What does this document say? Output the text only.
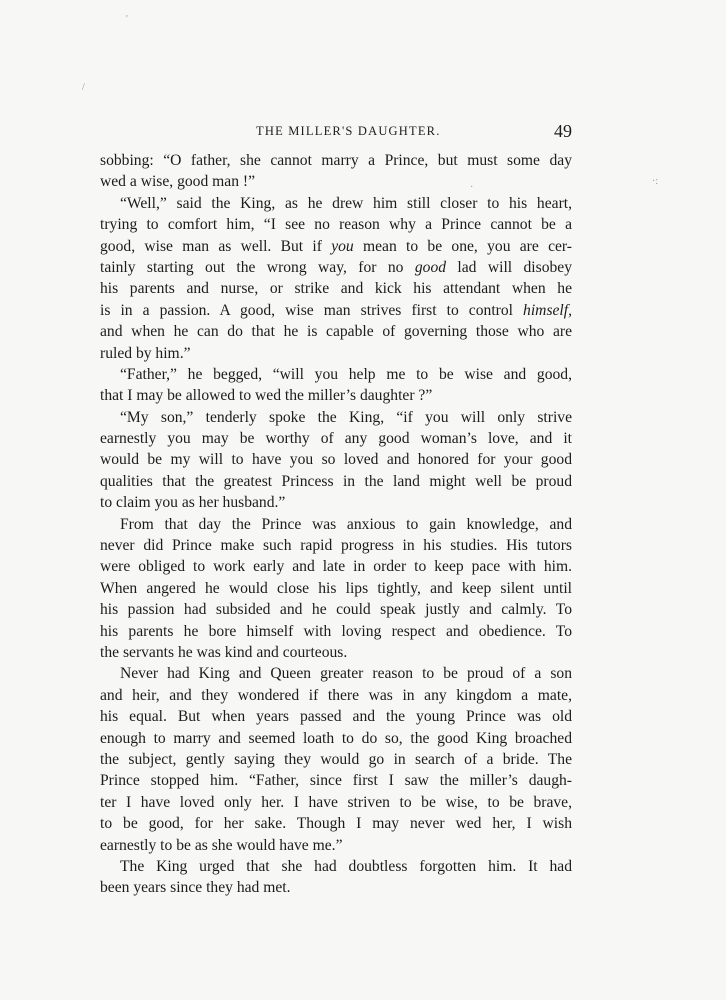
'
/
·:
·
THE MILLER'S DAUGHTER.	49
sobbing: “O father, she cannot marry a Prince, but must some day
wed a wise, good man !”
“Well,” said the King, as he drew him still closer to his heart,
trying to comfort him, “I see no reason why a Prince cannot be a
good, wise man as well. But if you mean to be one, you are cer-
tainly starting out the wrong way, for no good lad will disobey
his parents and nurse, or strike and kick his attendant when he
is in a passion. A good, wise man strives first to control himself,
and when he can do that he is capable of governing those who are
ruled by him.”
“Father,” he begged, “will you help me to be wise and good,
that I may be allowed to wed the miller’s daughter ?”
“My son,” tenderly spoke the King, “if you will only strive
earnestly you may be worthy of any good woman’s love, and it
would be my will to have you so loved and honored for your good
qualities that the greatest Princess in the land might well be proud
to claim you as her husband.”
From that day the Prince was anxious to gain knowledge, and
never did Prince make such rapid progress in his studies. His tutors
were obliged to work early and late in order to keep pace with him.
When angered he would close his lips tightly, and keep silent until
his passion had subsided and he could speak justly and calmly. To
his parents he bore himself with loving respect and obedience. To
the servants he was kind and courteous.
Never had King and Queen greater reason to be proud of a son
and heir, and they wondered if there was in any kingdom a mate,
his equal. But when years passed and the young Prince was old
enough to marry and seemed loath to do so, the good King broached
the subject, gently saying they would go in search of a bride. The
Prince stopped him. “Father, since first I saw the miller’s daugh-
ter I have loved only her. I have striven to be wise, to be brave,
to be good, for her sake. Though I may never wed her, I wish
earnestly to be as she would have me.”
The King urged that she had doubtless forgotten him. It had
been years since they had met.
